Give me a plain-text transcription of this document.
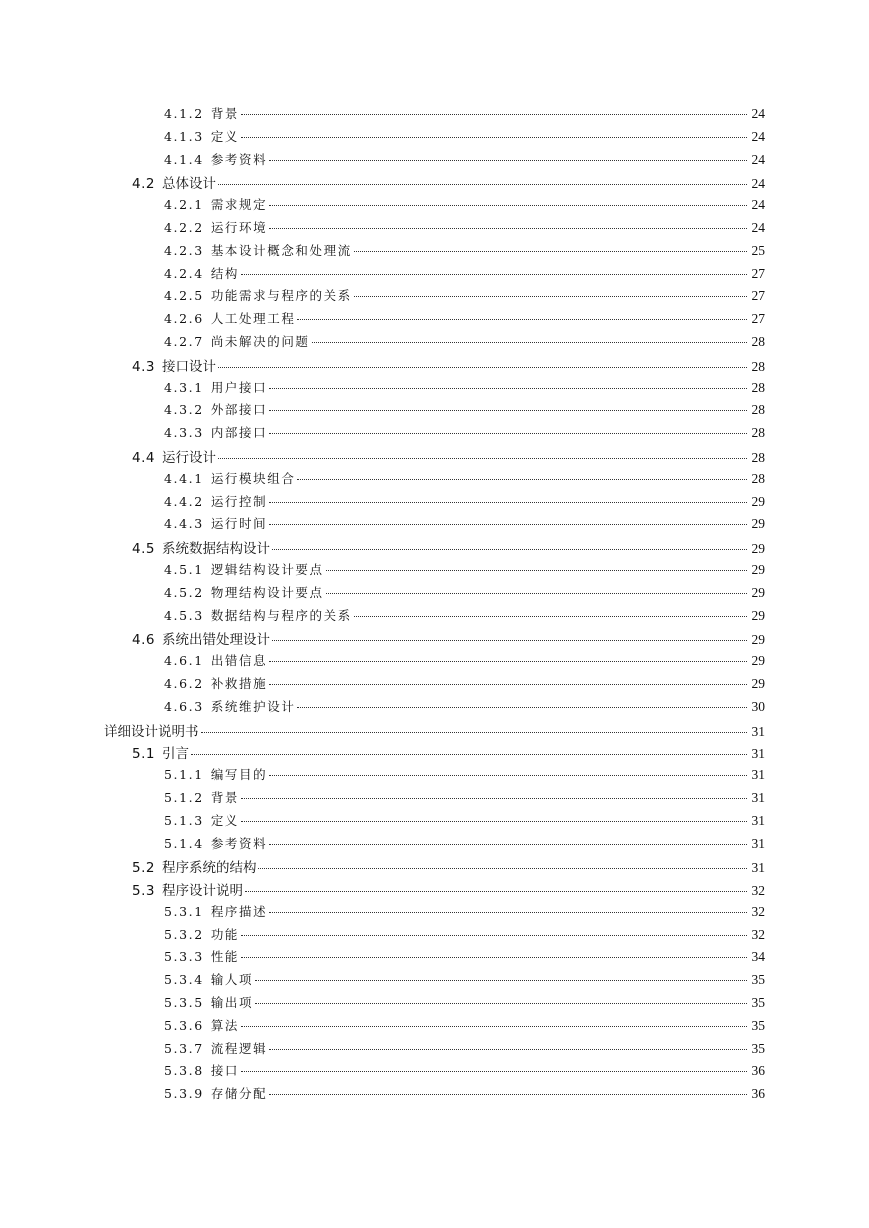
4.1.2 背景	24
4.1.3 定义	24
4.1.4 参考资料	24
4.2 总体设计	24
4.2.1 需求规定	24
4.2.2 运行环境	24
4.2.3 基本设计概念和处理流	25
4.2.4 结构	27
4.2.5 功能需求与程序的关系	27
4.2.6 人工处理工程	27
4.2.7 尚未解决的问题	28
4.3 接口设计	28
4.3.1 用户接口	28
4.3.2 外部接口	28
4.3.3 内部接口	28
4.4 运行设计	28
4.4.1 运行模块组合	28
4.4.2 运行控制	29
4.4.3 运行时间	29
4.5 系统数据结构设计	29
4.5.1 逻辑结构设计要点	29
4.5.2 物理结构设计要点	29
4.5.3 数据结构与程序的关系	29
4.6 系统出错处理设计	29
4.6.1 出错信息	29
4.6.2 补救措施	29
4.6.3 系统维护设计	30
详细设计说明书	31
5.1 引言	31
5.1.1 编写目的	31
5.1.2 背景	31
5.1.3 定义	31
5.1.4 参考资料	31
5.2 程序系统的结构	31
5.3 程序设计说明	32
5.3.1 程序描述	32
5.3.2 功能	32
5.3.3 性能	34
5.3.4 输人项	35
5.3.5 输出项	35
5.3.6 算法	35
5.3.7 流程逻辑	35
5.3.8 接口	36
5.3.9 存储分配	36
